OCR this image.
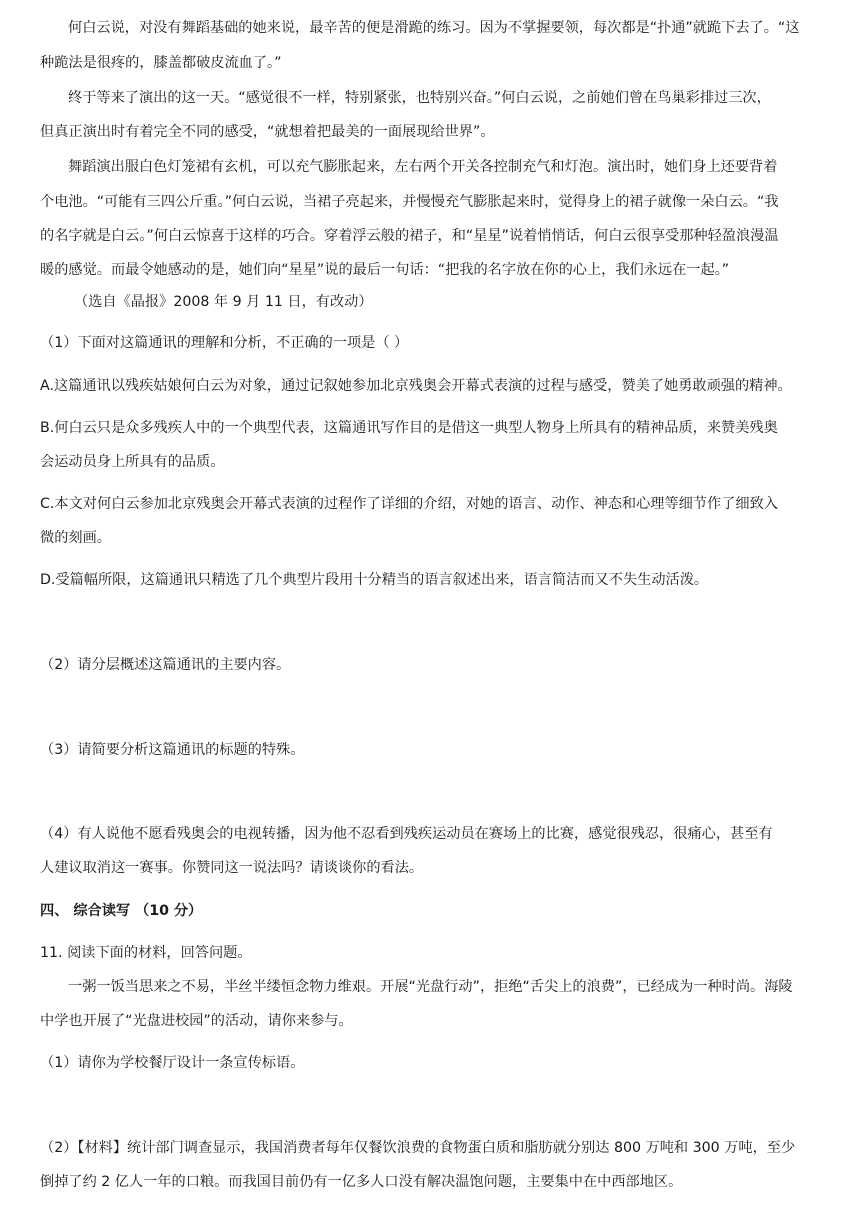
何白云说，对没有舞蹈基础的她来说，最辛苦的便是滑跪的练习。因为不掌握要领，每次都是“扑通”就跪下去了。“这
种跪法是很疼的，膝盖都破皮流血了。”
终于等来了演出的这一天。“感觉很不一样，特别紧张，也特别兴奋。”何白云说，之前她们曾在鸟巢彩排过三次，
但真正演出时有着完全不同的感受，“就想着把最美的一面展现给世界”。
舞蹈演出服白色灯笼裙有玄机，可以充气膨胀起来，左右两个开关各控制充气和灯泡。演出时，她们身上还要背着
个电池。“可能有三四公斤重。”何白云说，当裙子亮起来，并慢慢充气膨胀起来时，觉得身上的裙子就像一朵白云。“我
的名字就是白云。”何白云惊喜于这样的巧合。穿着浮云般的裙子，和“星星”说着悄悄话，何白云很享受那种轻盈浪漫温
暖的感觉。而最令她感动的是，她们向“星星”说的最后一句话：“把我的名字放在你的心上，我们永远在一起。”
（选自《晶报》2008 年 9 月 11 日，有改动）
（1）下面对这篇通讯的理解和分析，不正确的一项是（ ）
A.这篇通讯以残疾姑娘何白云为对象，通过记叙她参加北京残奥会开幕式表演的过程与感受，赞美了她勇敢顽强的精神。
B.何白云只是众多残疾人中的一个典型代表，这篇通讯写作目的是借这一典型人物身上所具有的精神品质，来赞美残奥
会运动员身上所具有的品质。
C.本文对何白云参加北京残奥会开幕式表演的过程作了详细的介绍，对她的语言、动作、神态和心理等细节作了细致入
微的刻画。
D.受篇幅所限，这篇通讯只精选了几个典型片段用十分精当的语言叙述出来，语言简洁而又不失生动活泼。
（2）请分层概述这篇通讯的主要内容。
（3）请简要分析这篇通讯的标题的特殊。
（4）有人说他不愿看残奥会的电视转播，因为他不忍看到残疾运动员在赛场上的比赛，感觉很残忍，很痛心，甚至有
人建议取消这一赛事。你赞同这一说法吗？请谈谈你的看法。
四、 综合读写 （10 分）
11. 阅读下面的材料，回答问题。
一粥一饭当思来之不易，半丝半缕恒念物力维艰。开展“光盘行动”，拒绝“舌尖上的浪费”，已经成为一种时尚。海陵
中学也开展了“光盘进校园”的活动，请你来参与。
（1）请你为学校餐厅设计一条宣传标语。
（2）【材料】统计部门调查显示，我国消费者每年仅餐饮浪费的食物蛋白质和脂肪就分别达 800 万吨和 300 万吨，至少
倒掉了约 2 亿人一年的口粮。而我国目前仍有一亿多人口没有解决温饱问题，主要集中在中西部地区。
